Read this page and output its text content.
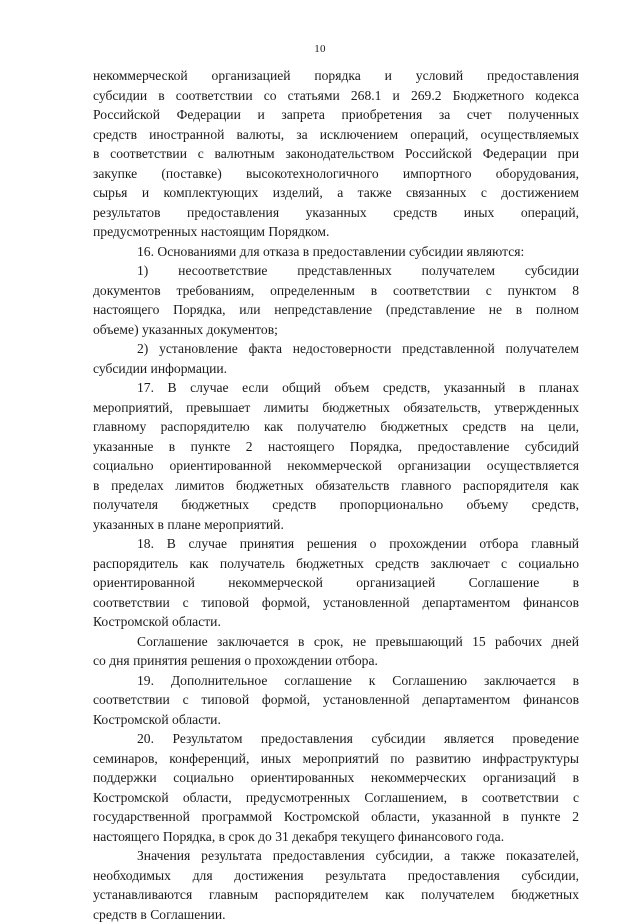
10

некоммерческой организацией порядка и условий предоставления
субсидии в соответствии со статьями 268.1 и 269.2 Бюджетного кодекса
Российской Федерации и запрета приобретения за счет полученных
средств иностранной валюты, за исключением операций, осуществляемых
в соответствии с валютным законодательством Российской Федерации при
закупке (поставке) высокотехнологичного импортного оборудования,
сырья и комплектующих изделий, а также связанных с достижением
результатов предоставления указанных средств иных операций,
предусмотренных настоящим Порядком.

16. Основаниями для отказа в предоставлении субсидии являются:

1) несоответствие представленных получателем субсидии
документов требованиям, определенным в соответствии с пунктом 8
настоящего Порядка, или непредставление (представление не в полном
объеме) указанных документов;

2) установление факта недостоверности представленной получателем
субсидии информации.

17. В случае если общий объем средств, указанный в планах
мероприятий, превышает лимиты бюджетных обязательств, утвержденных
главному распорядителю как получателю бюджетных средств на цели,
указанные в пункте 2 настоящего Порядка, предоставление субсидий
социально ориентированной некоммерческой организации осуществляется
в пределах лимитов бюджетных обязательств главного распорядителя как
получателя бюджетных средств пропорционально объему средств,
указанных в плане мероприятий.

18. В случае принятия решения о прохождении отбора главный
распорядитель как получатель бюджетных средств заключает с социально
ориентированной некоммерческой организацией Соглашение в
соответствии с типовой формой, установленной департаментом финансов
Костромской области.

Соглашение заключается в срок, не превышающий 15 рабочих дней
со дня принятия решения о прохождении отбора.

19. Дополнительное соглашение к Соглашению заключается в
соответствии с типовой формой, установленной департаментом финансов
Костромской области.

20. Результатом предоставления субсидии является проведение
семинаров, конференций, иных мероприятий по развитию инфраструктуры
поддержки социально ориентированных некоммерческих организаций в
Костромской области, предусмотренных Соглашением, в соответствии с
государственной программой Костромской области, указанной в пункте 2
настоящего Порядка, в срок до 31 декабря текущего финансового года.

Значения результата предоставления субсидии, а также показателей,
необходимых для достижения результата предоставления субсидии,
устанавливаются главным распорядителем как получателем бюджетных
средств в Соглашении.
